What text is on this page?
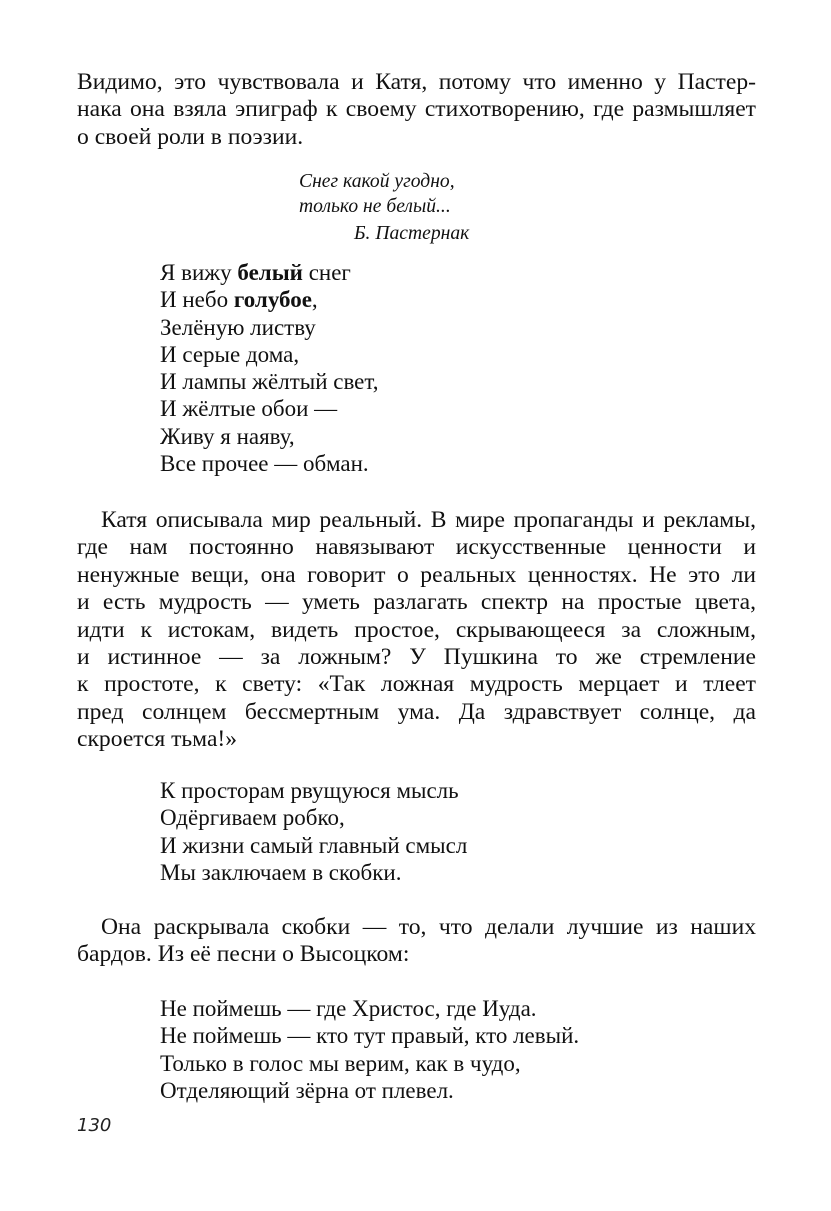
Видимо, это чувствовала и Катя, потому что именно у Пастер-
нака она взяла эпиграф к своему стихотворению, где размышляет
о своей роли в поэзии.

Снег какой угодно,
только не белый...
Б. Пастернак
Я вижу белый снег
И небо голубое,
Зелёную листву
И серые дома,
И лампы жёлтый свет,
И жёлтые обои —
Живу я наяву,
Все прочее — обман.

Катя описывала мир реальный. В мире пропаганды и рекламы,
где нам постоянно навязывают искусственные ценности и
ненужные вещи, она говорит о реальных ценностях. Не это ли
и есть мудрость — уметь разлагать спектр на простые цвета,
идти к истокам, видеть простое, скрывающееся за сложным,
и истинное — за ложным? У Пушкина то же стремление
к простоте, к свету: «Так ложная мудрость мерцает и тлеет
пред солнцем бессмертным ума. Да здравствует солнце, да
скроется тьма!»

К просторам рвущуюся мысль
Одёргиваем робко,
И жизни самый главный смысл
Мы заключаем в скобки.

Она раскрывала скобки — то, что делали лучшие из наших
бардов. Из её песни о Высоцком:

Не поймешь — где Христос, где Иуда.
Не поймешь — кто тут правый, кто левый.
Только в голос мы верим, как в чудо,
Отделяющий зёрна от плевел.
130
